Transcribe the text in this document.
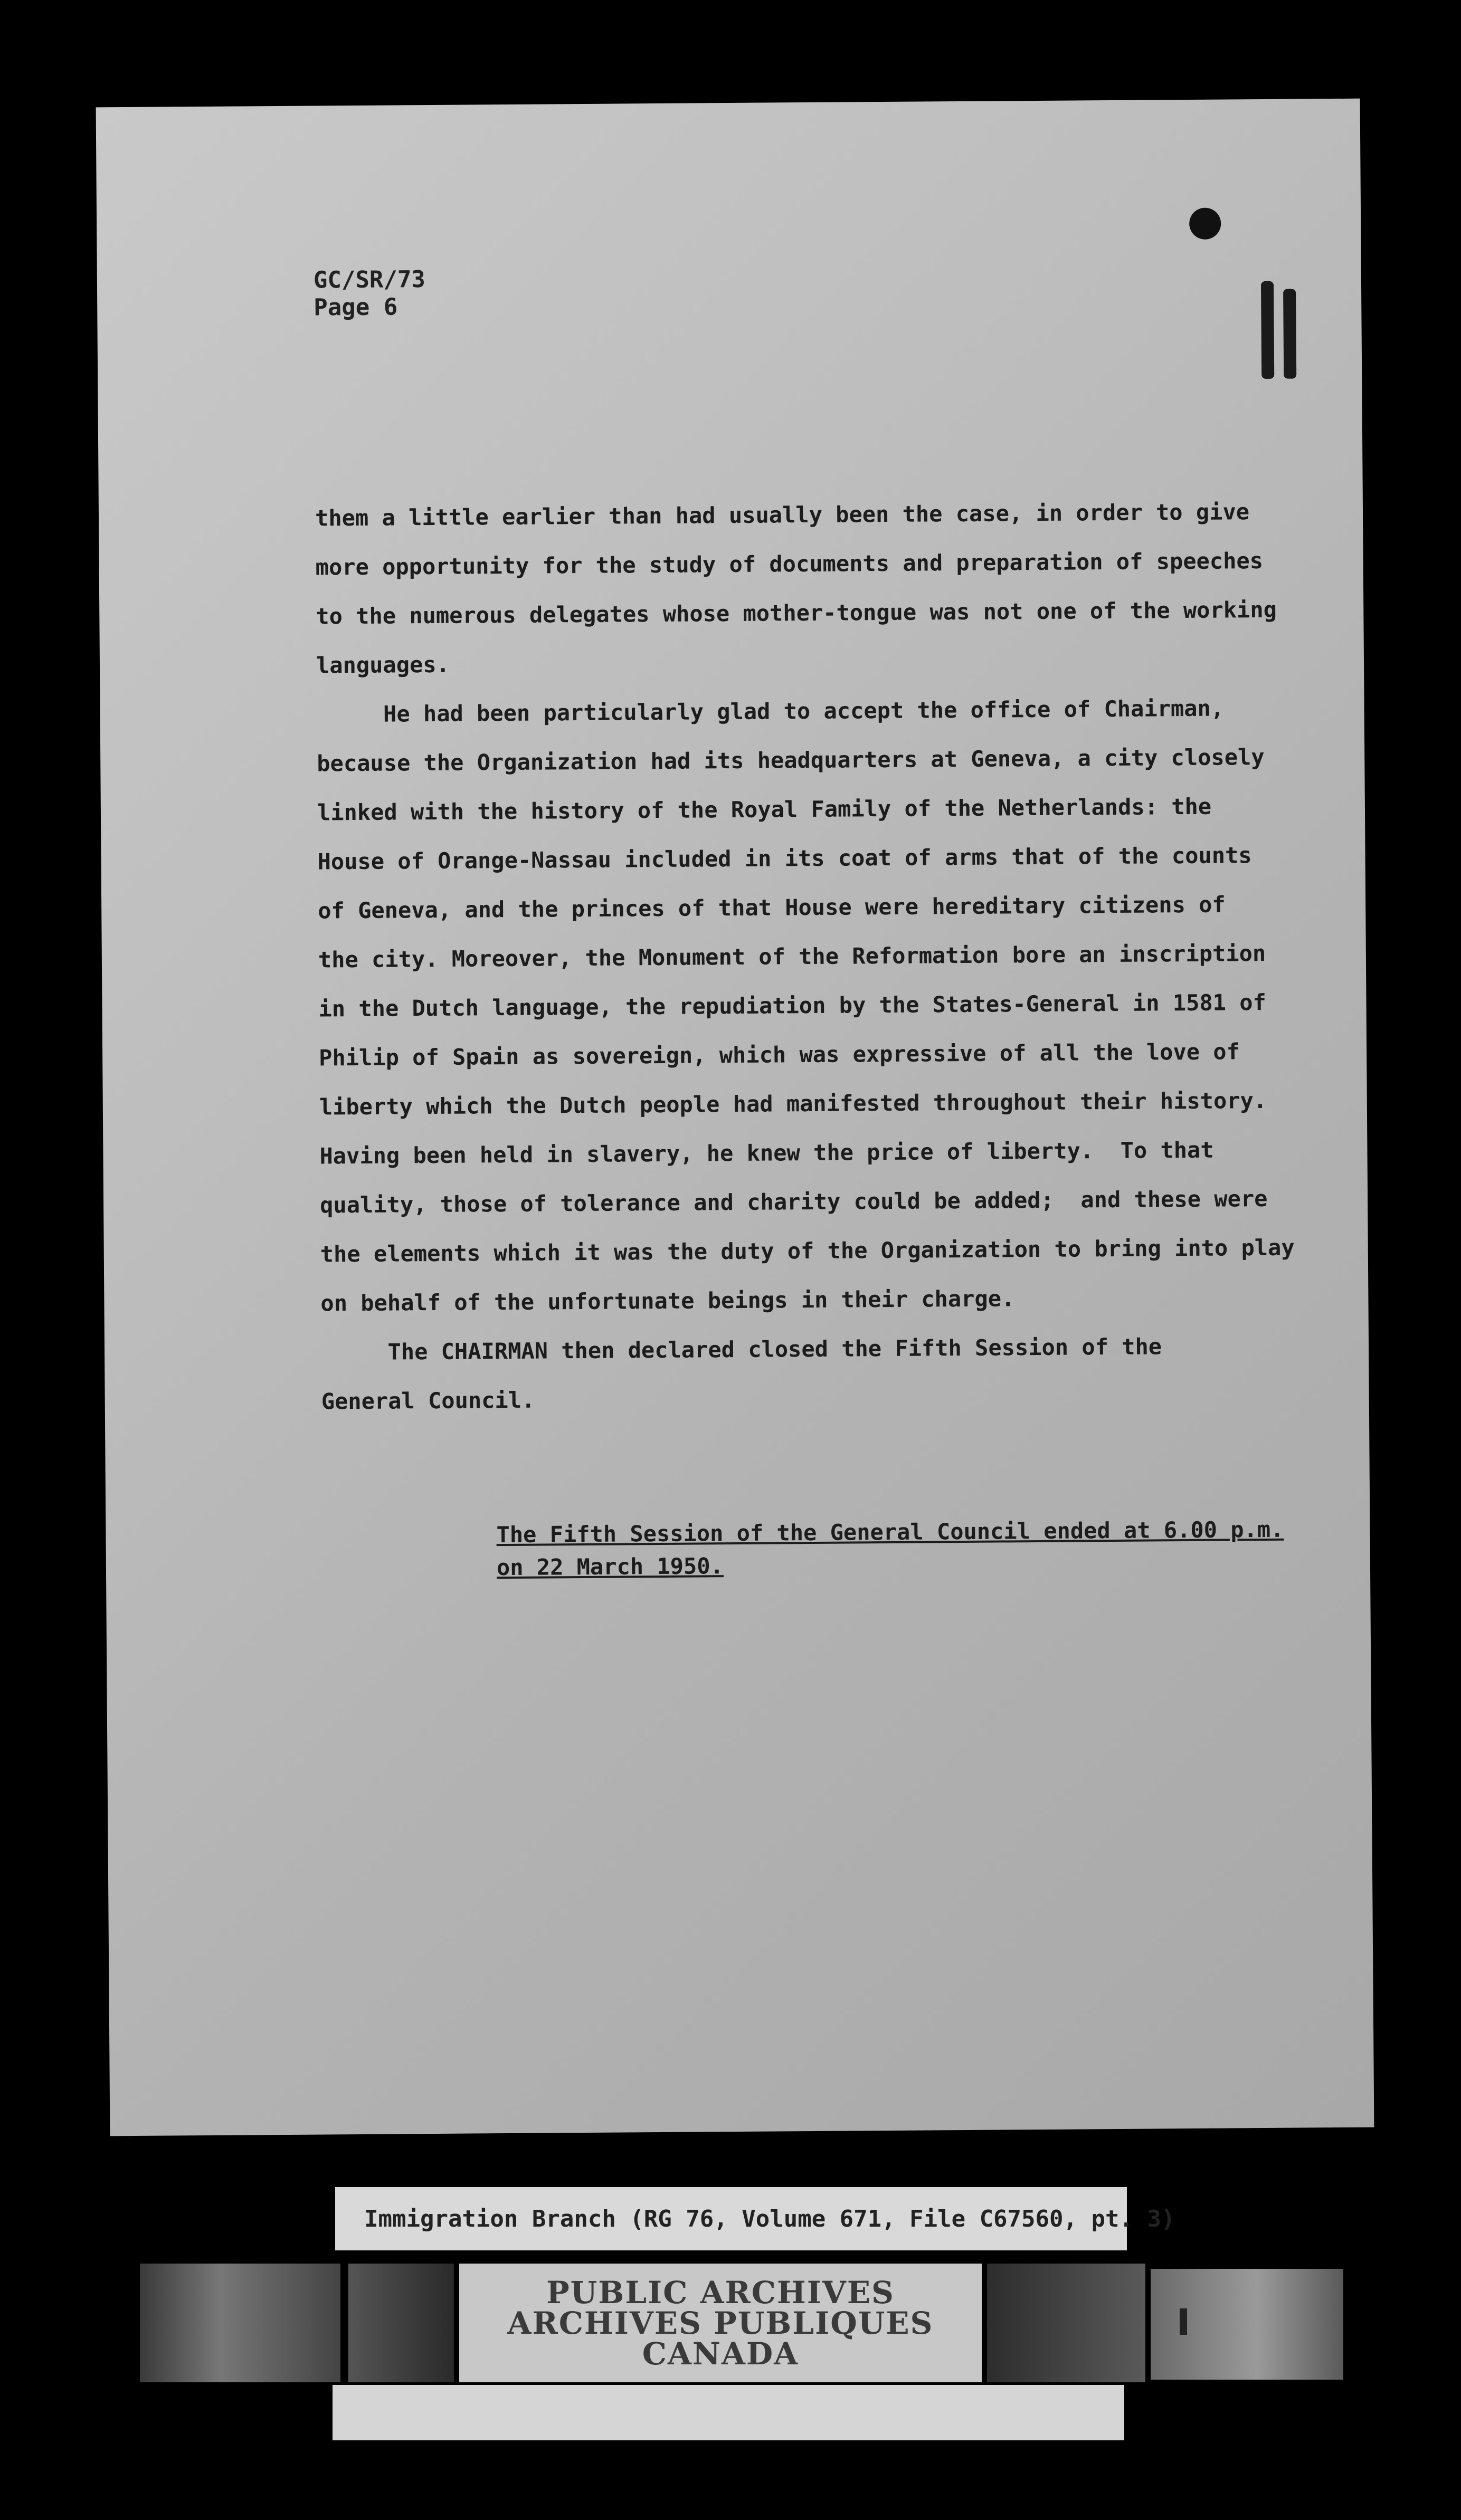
GC/SR/73
Page 6
them a little earlier than had usually been the case, in order to give
more opportunity for the study of documents and preparation of speeches
to the numerous delegates whose mother-tongue was not one of the working
languages.
He had been particularly glad to accept the office of Chairman,
because the Organization had its headquarters at Geneva, a city closely
linked with the history of the Royal Family of the Netherlands: the
House of Orange-Nassau included in its coat of arms that of the counts
of Geneva, and the princes of that House were hereditary citizens of
the city. Moreover, the Monument of the Reformation bore an inscription
in the Dutch language, the repudiation by the States-General in 1581 of
Philip of Spain as sovereign, which was expressive of all the love of
liberty which the Dutch people had manifested throughout their history.
Having been held in slavery, he knew the price of liberty.  To that
quality, those of tolerance and charity could be added;  and these were
the elements which it was the duty of the Organization to bring into play
on behalf of the unfortunate beings in their charge.
The CHAIRMAN then declared closed the Fifth Session of the
General Council.
The Fifth Session of the General Council ended at 6.00 p.m.
on 22 March 1950.
Immigration Branch (RG 76, Volume 671, File C67560, pt. 3)
PUBLIC ARCHIVES
ARCHIVES PUBLIQUES
CANADA
